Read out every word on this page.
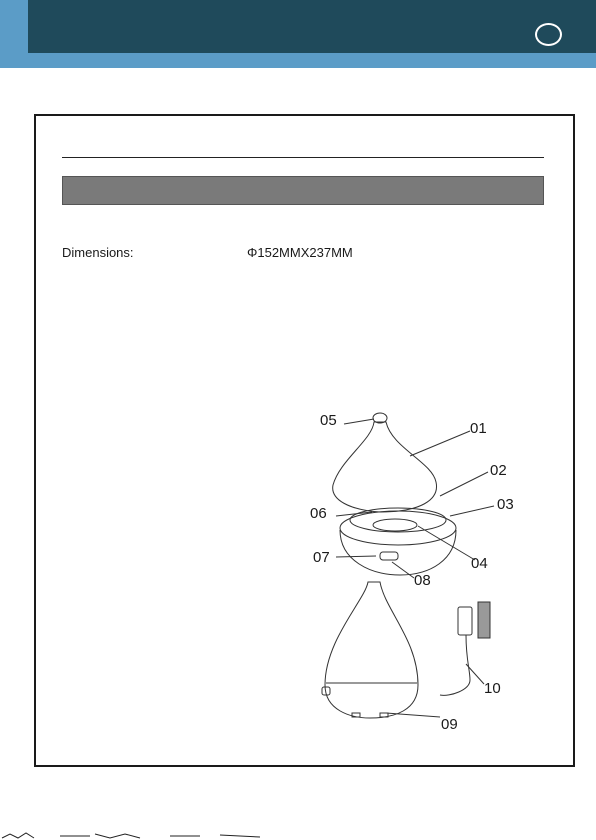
Dimensions:	Φ152MMX237MM
05	01
02
03
06
04
07
08
10
09
